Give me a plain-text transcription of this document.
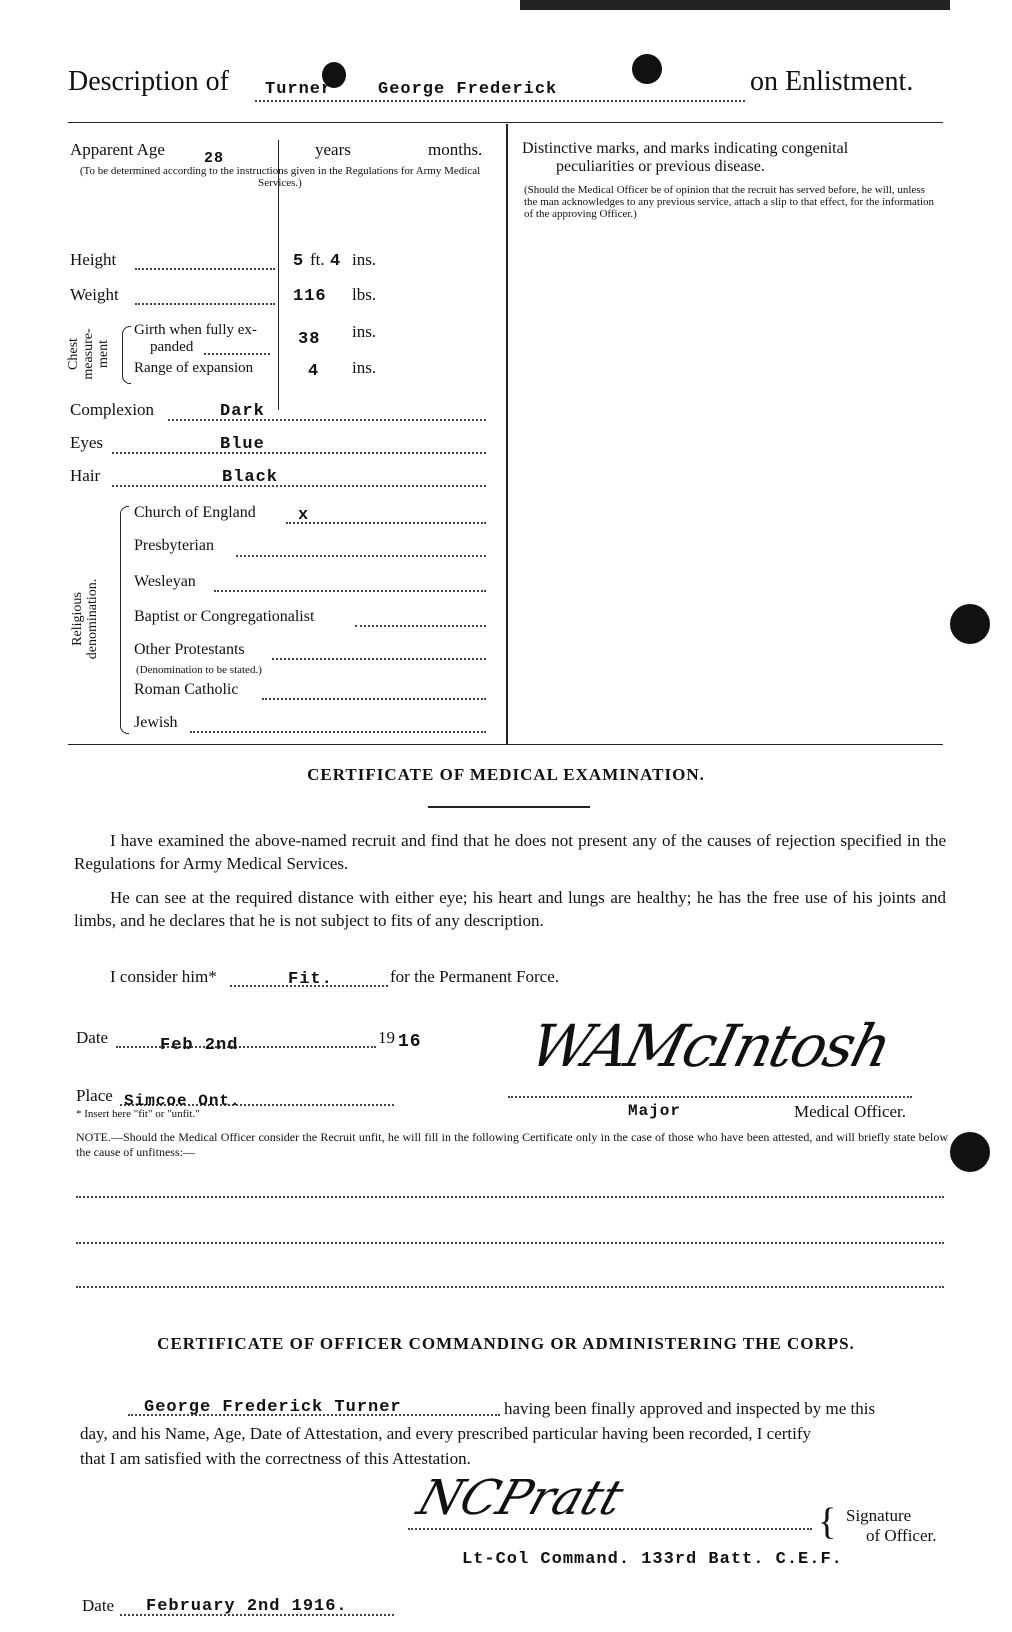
Description of Turner	George Frederick	on Enlistment.
Apparent Age	28	years	months.
(To be determined according to the instructions given in the Regulations for Army Medical Services.)
Height	5 ft. 4 ins.
Weight	116 lbs.
Chest measure-ment
Girth when fully ex-
panded	38 ins.
Range of expansion	4 ins.
Complexion	Dark
Eyes	Blue
Hair	Black
Religious denomination.
Church of England x
Presbyterian
Wesleyan
Baptist or Congregationalist
Other Protestants
(Denomination to be stated.)
Roman Catholic
Jewish
Distinctive marks, and marks indicating congenital
peculiarities or previous disease.
(Should the Medical Officer be of opinion that the recruit has served before, he will, unless the man acknowledges to any previous service, attach a slip to that effect, for the information of the approving Officer.)
CERTIFICATE OF MEDICAL EXAMINATION.
I have examined the above-named recruit and find that he does not present any of the causes of rejection specified in the Regulations for Army Medical Services.
He can see at the required distance with either eye; his heart and lungs are healthy; he has the free use of his joints and limbs, and he declares that he is not subject to fits of any description.
I consider him*	Fit.	for the Permanent Force.
Date	Feb 2nd	19 16 WAMcIntosh
Place Simcoe Ont.
* Insert here "fit" or "unfit."	Major	Medical Officer.
NOTE.—Should the Medical Officer consider the Recruit unfit, he will fill in the following Certificate only in the case of those who have been attested, and will briefly state below the cause of unfitness:—
CERTIFICATE OF OFFICER COMMANDING OR ADMINISTERING THE CORPS.
George Frederick Turner	having been finally approved and inspected by me this
day, and his Name, Age, Date of Attestation, and every prescribed particular having been recorded, I certify
that I am satisfied with the correctness of this Attestation.
NCPratt	{ Signature
of Officer.
Lt-Col Command. 133rd Batt. C.E.F.
Date February 2nd 1916.
